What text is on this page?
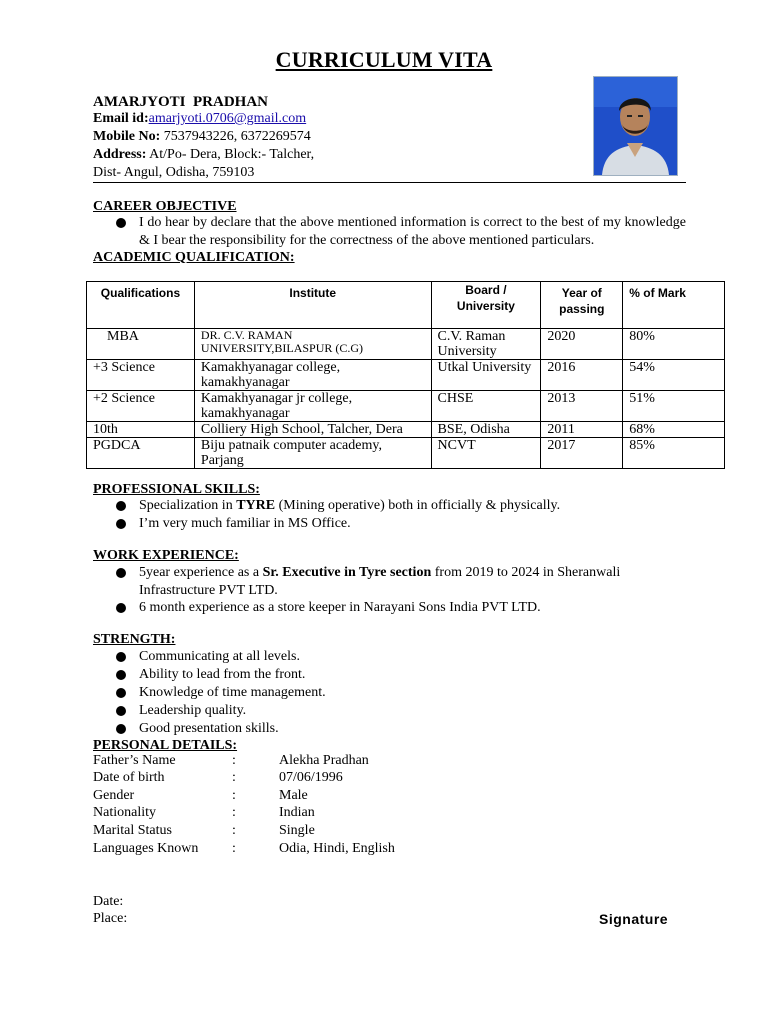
CURRICULUM VITA
AMARJYOTI  PRADHAN
Email id:amarjyoti.0706@gmail.com
Mobile No: 7537943226, 6372269574
Address: At/Po- Dera, Block:- Talcher,
Dist- Angul, Odisha, 759103
CAREER OBJECTIVE
I do hear by declare that the above mentioned information is correct to the best of my knowledge & I bear the responsibility for the correctness of the above mentioned particulars.
ACADEMIC QUALIFICATION:
Qualifications	Institute	Board / University	Year of passing	% of Mark
MBA	DR. C.V. RAMAN UNIVERSITY,BILASPUR (C.G)	C.V. Raman University	2020	80%
+3 Science	Kamakhyanagar college, kamakhyanagar	Utkal University	2016	54%
+2 Science	Kamakhyanagar jr college, kamakhyanagar	CHSE	2013	51%
10th	Colliery High School, Talcher, Dera	BSE, Odisha	2011	68%
PGDCA	Biju patnaik computer academy, Parjang	NCVT	2017	85%
PROFESSIONAL SKILLS:
Specialization in TYRE (Mining operative) both in officially & physically.
I’m very much familiar in MS Office.
WORK EXPERIENCE:
5year experience as a Sr. Executive in Tyre section from 2019 to 2024 in Sheranwali Infrastructure PVT LTD.
6 month experience as a store keeper in Narayani Sons India PVT LTD.
STRENGTH:
Communicating at all levels.
Ability to lead from the front.
Knowledge of time management.
Leadership quality.
Good presentation skills.
PERSONAL DETAILS:
Father’s Name	:	Alekha Pradhan
Date of birth	:	07/06/1996
Gender	:	Male
Nationality	:	Indian
Marital Status	:	Single
Languages Known :	Odia, Hindi, English
Date:
Place:	Signature
